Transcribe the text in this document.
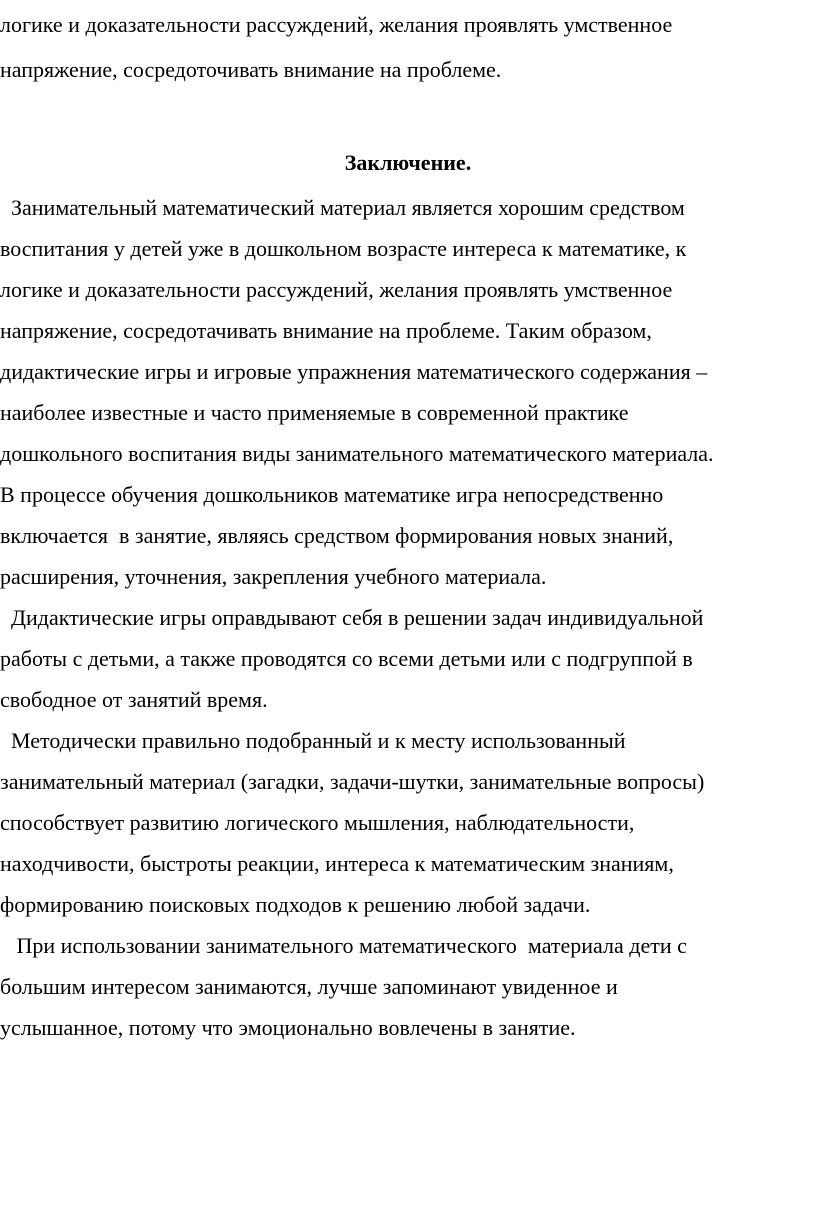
логике и доказательности рассуждений, желания проявлять умственное
напряжение, сосредоточивать внимание на проблеме.
Заключение.
Занимательный математический материал является хорошим средством
воспитания у детей уже в дошкольном возрасте интереса к математике, к
логике и доказательности рассуждений, желания проявлять умственное
напряжение, сосредотачивать внимание на проблеме. Таким образом,
дидактические игры и игровые упражнения математического содержания –
наиболее известные и часто применяемые в современной практике
дошкольного воспитания виды занимательного математического материала.
В процессе обучения дошкольников математике игра непосредственно
включается  в занятие, являясь средством формирования новых знаний,
расширения, уточнения, закрепления учебного материала.
Дидактические игры оправдывают себя в решении задач индивидуальной
работы с детьми, а также проводятся со всеми детьми или с подгруппой в
свободное от занятий время.
Методически правильно подобранный и к месту использованный
занимательный материал (загадки, задачи-шутки, занимательные вопросы)
способствует развитию логического мышления, наблюдательности,
находчивости, быстроты реакции, интереса к математическим знаниям,
формированию поисковых подходов к решению любой задачи.
При использовании занимательного математического  материала дети с
большим интересом занимаются, лучше запоминают увиденное и
услышанное, потому что эмоционально вовлечены в занятие.
